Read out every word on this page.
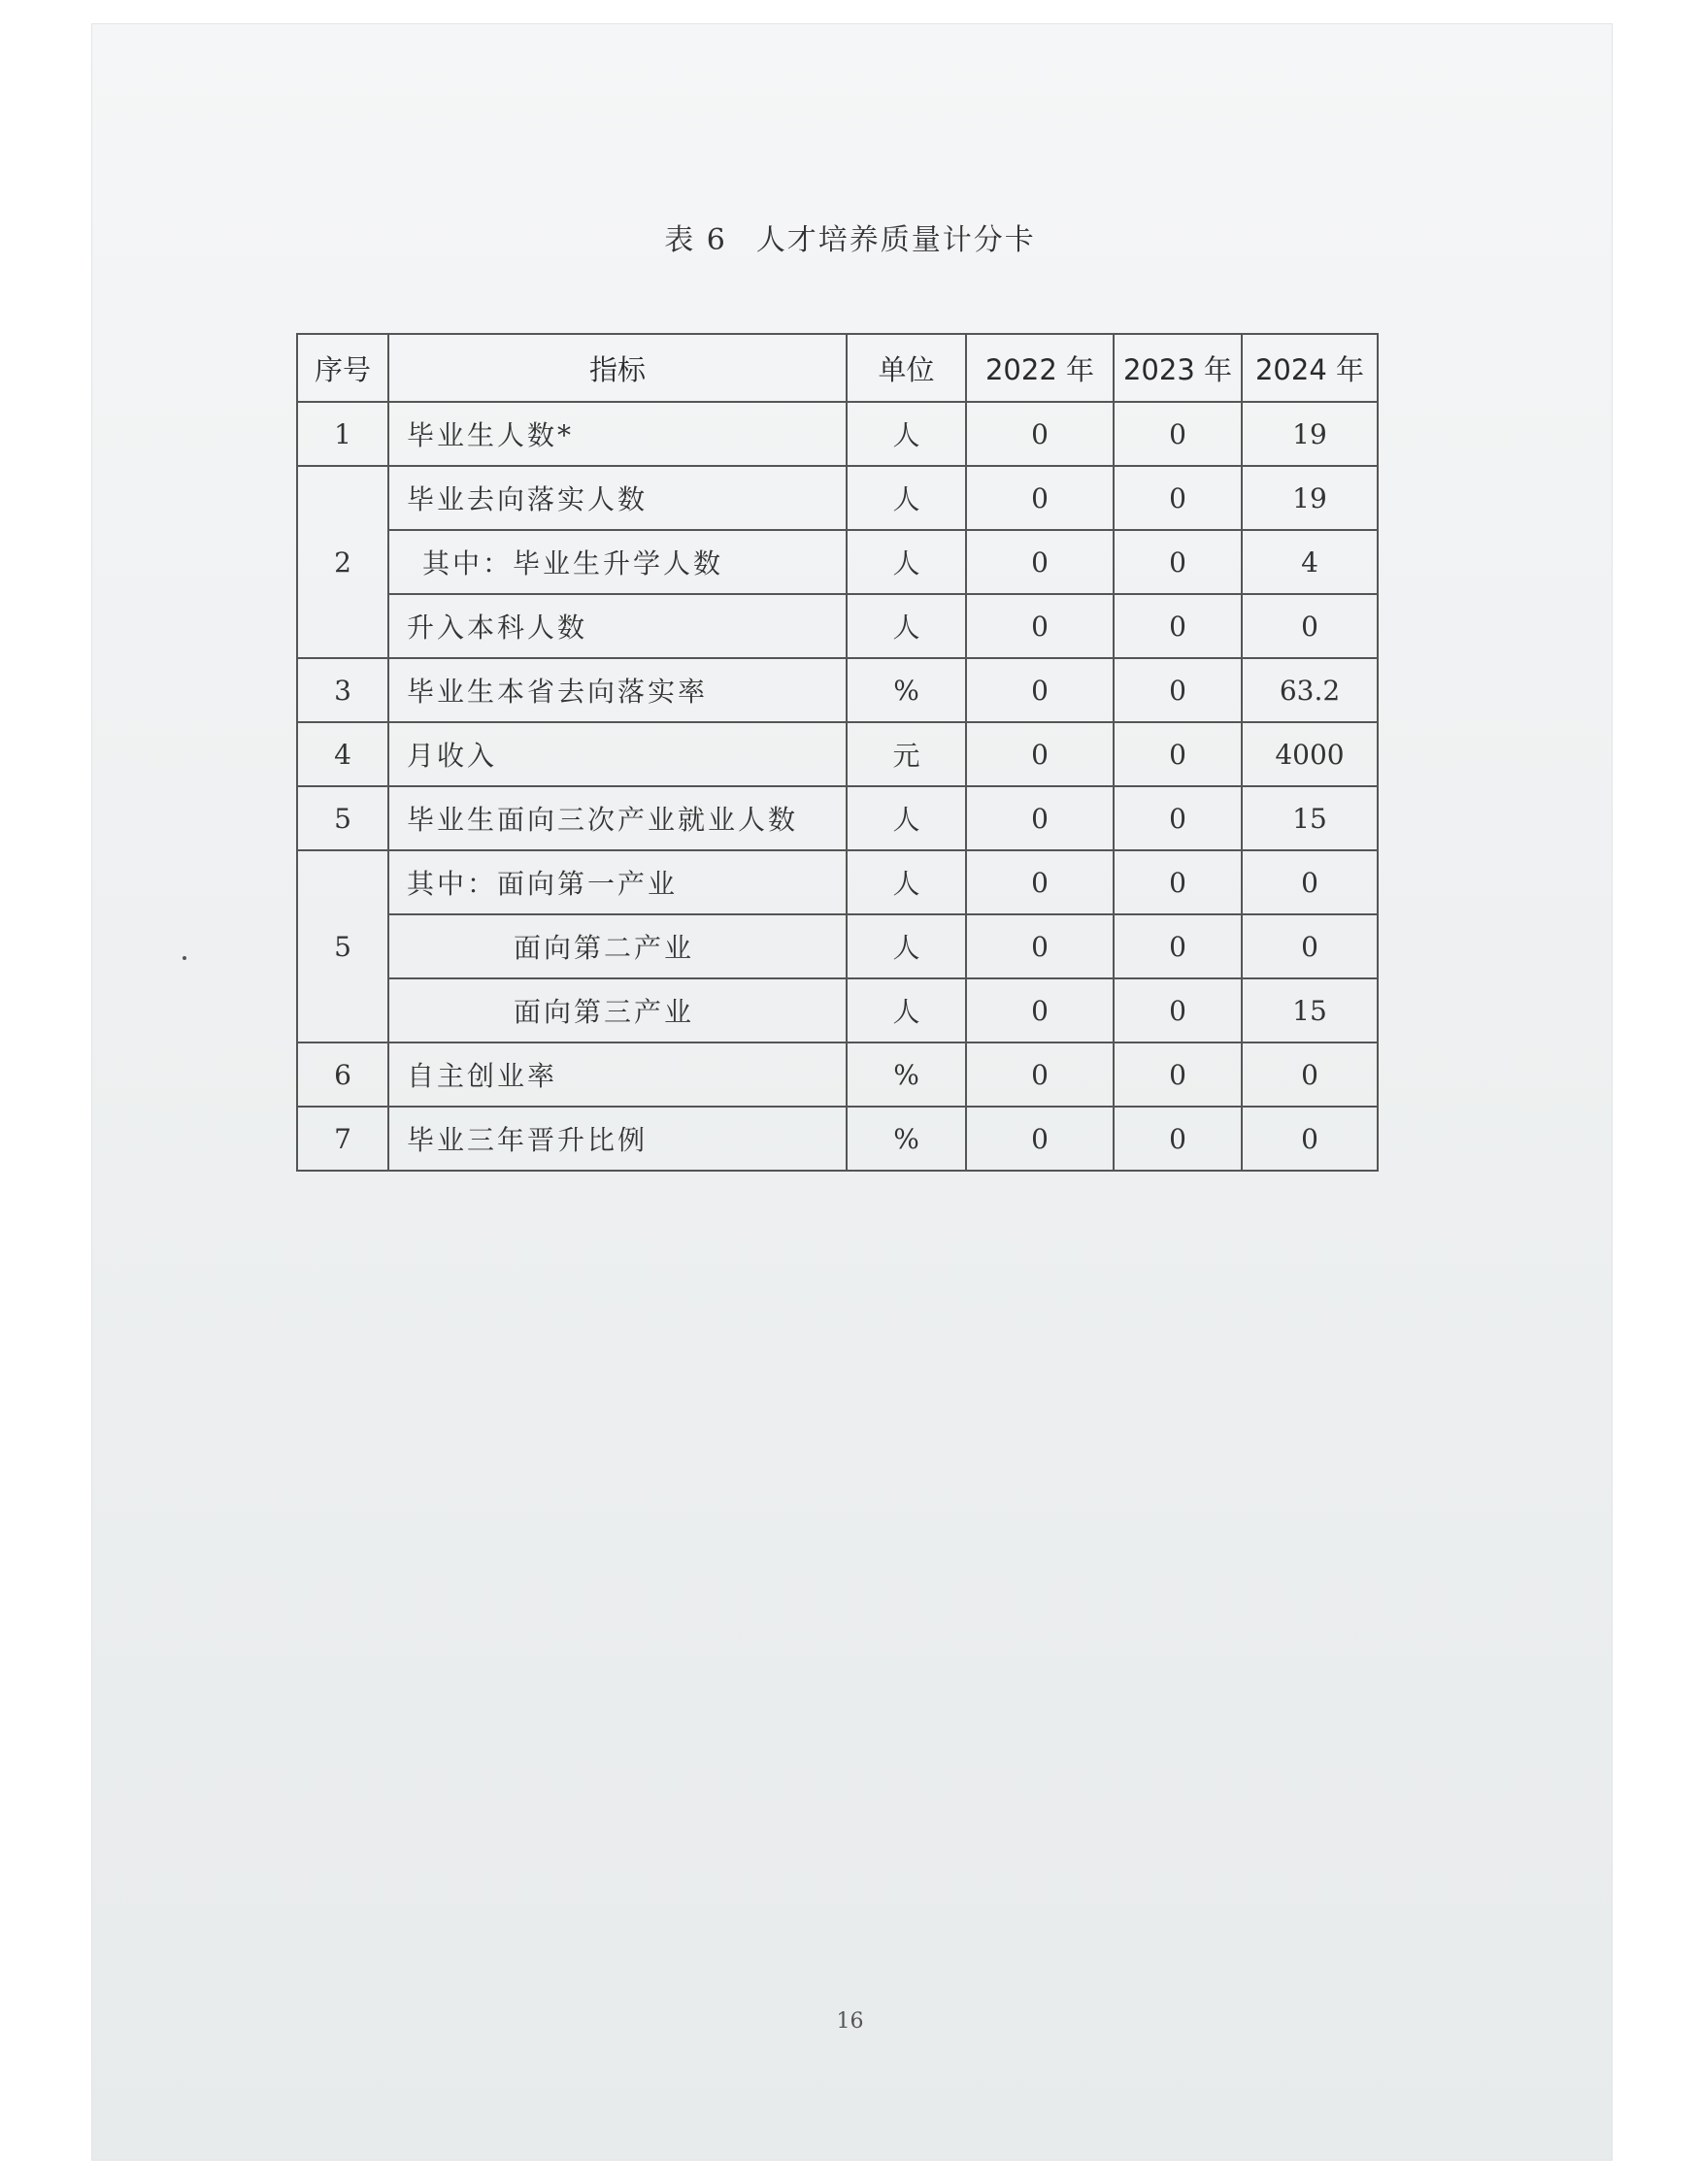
表 6 人才培养质量计分卡
序号	指标	单位	2022 年	2023 年	2024 年
1	毕业生人数*	人	0	0	19
2	毕业去向落实人数	人	0	0	19
	其中：毕业生升学人数	人	0	0	4
	升入本科人数	人	0	0	0
3	毕业生本省去向落实率	%	0	0	63.2
4	月收入	元	0	0	4000
5	毕业生面向三次产业就业人数	人	0	0	15
5	其中：面向第一产业	人	0	0	0
	面向第二产业	人	0	0	0
	面向第三产业	人	0	0	15
6	自主创业率	%	0	0	0
7	毕业三年晋升比例	%	0	0	0
16
